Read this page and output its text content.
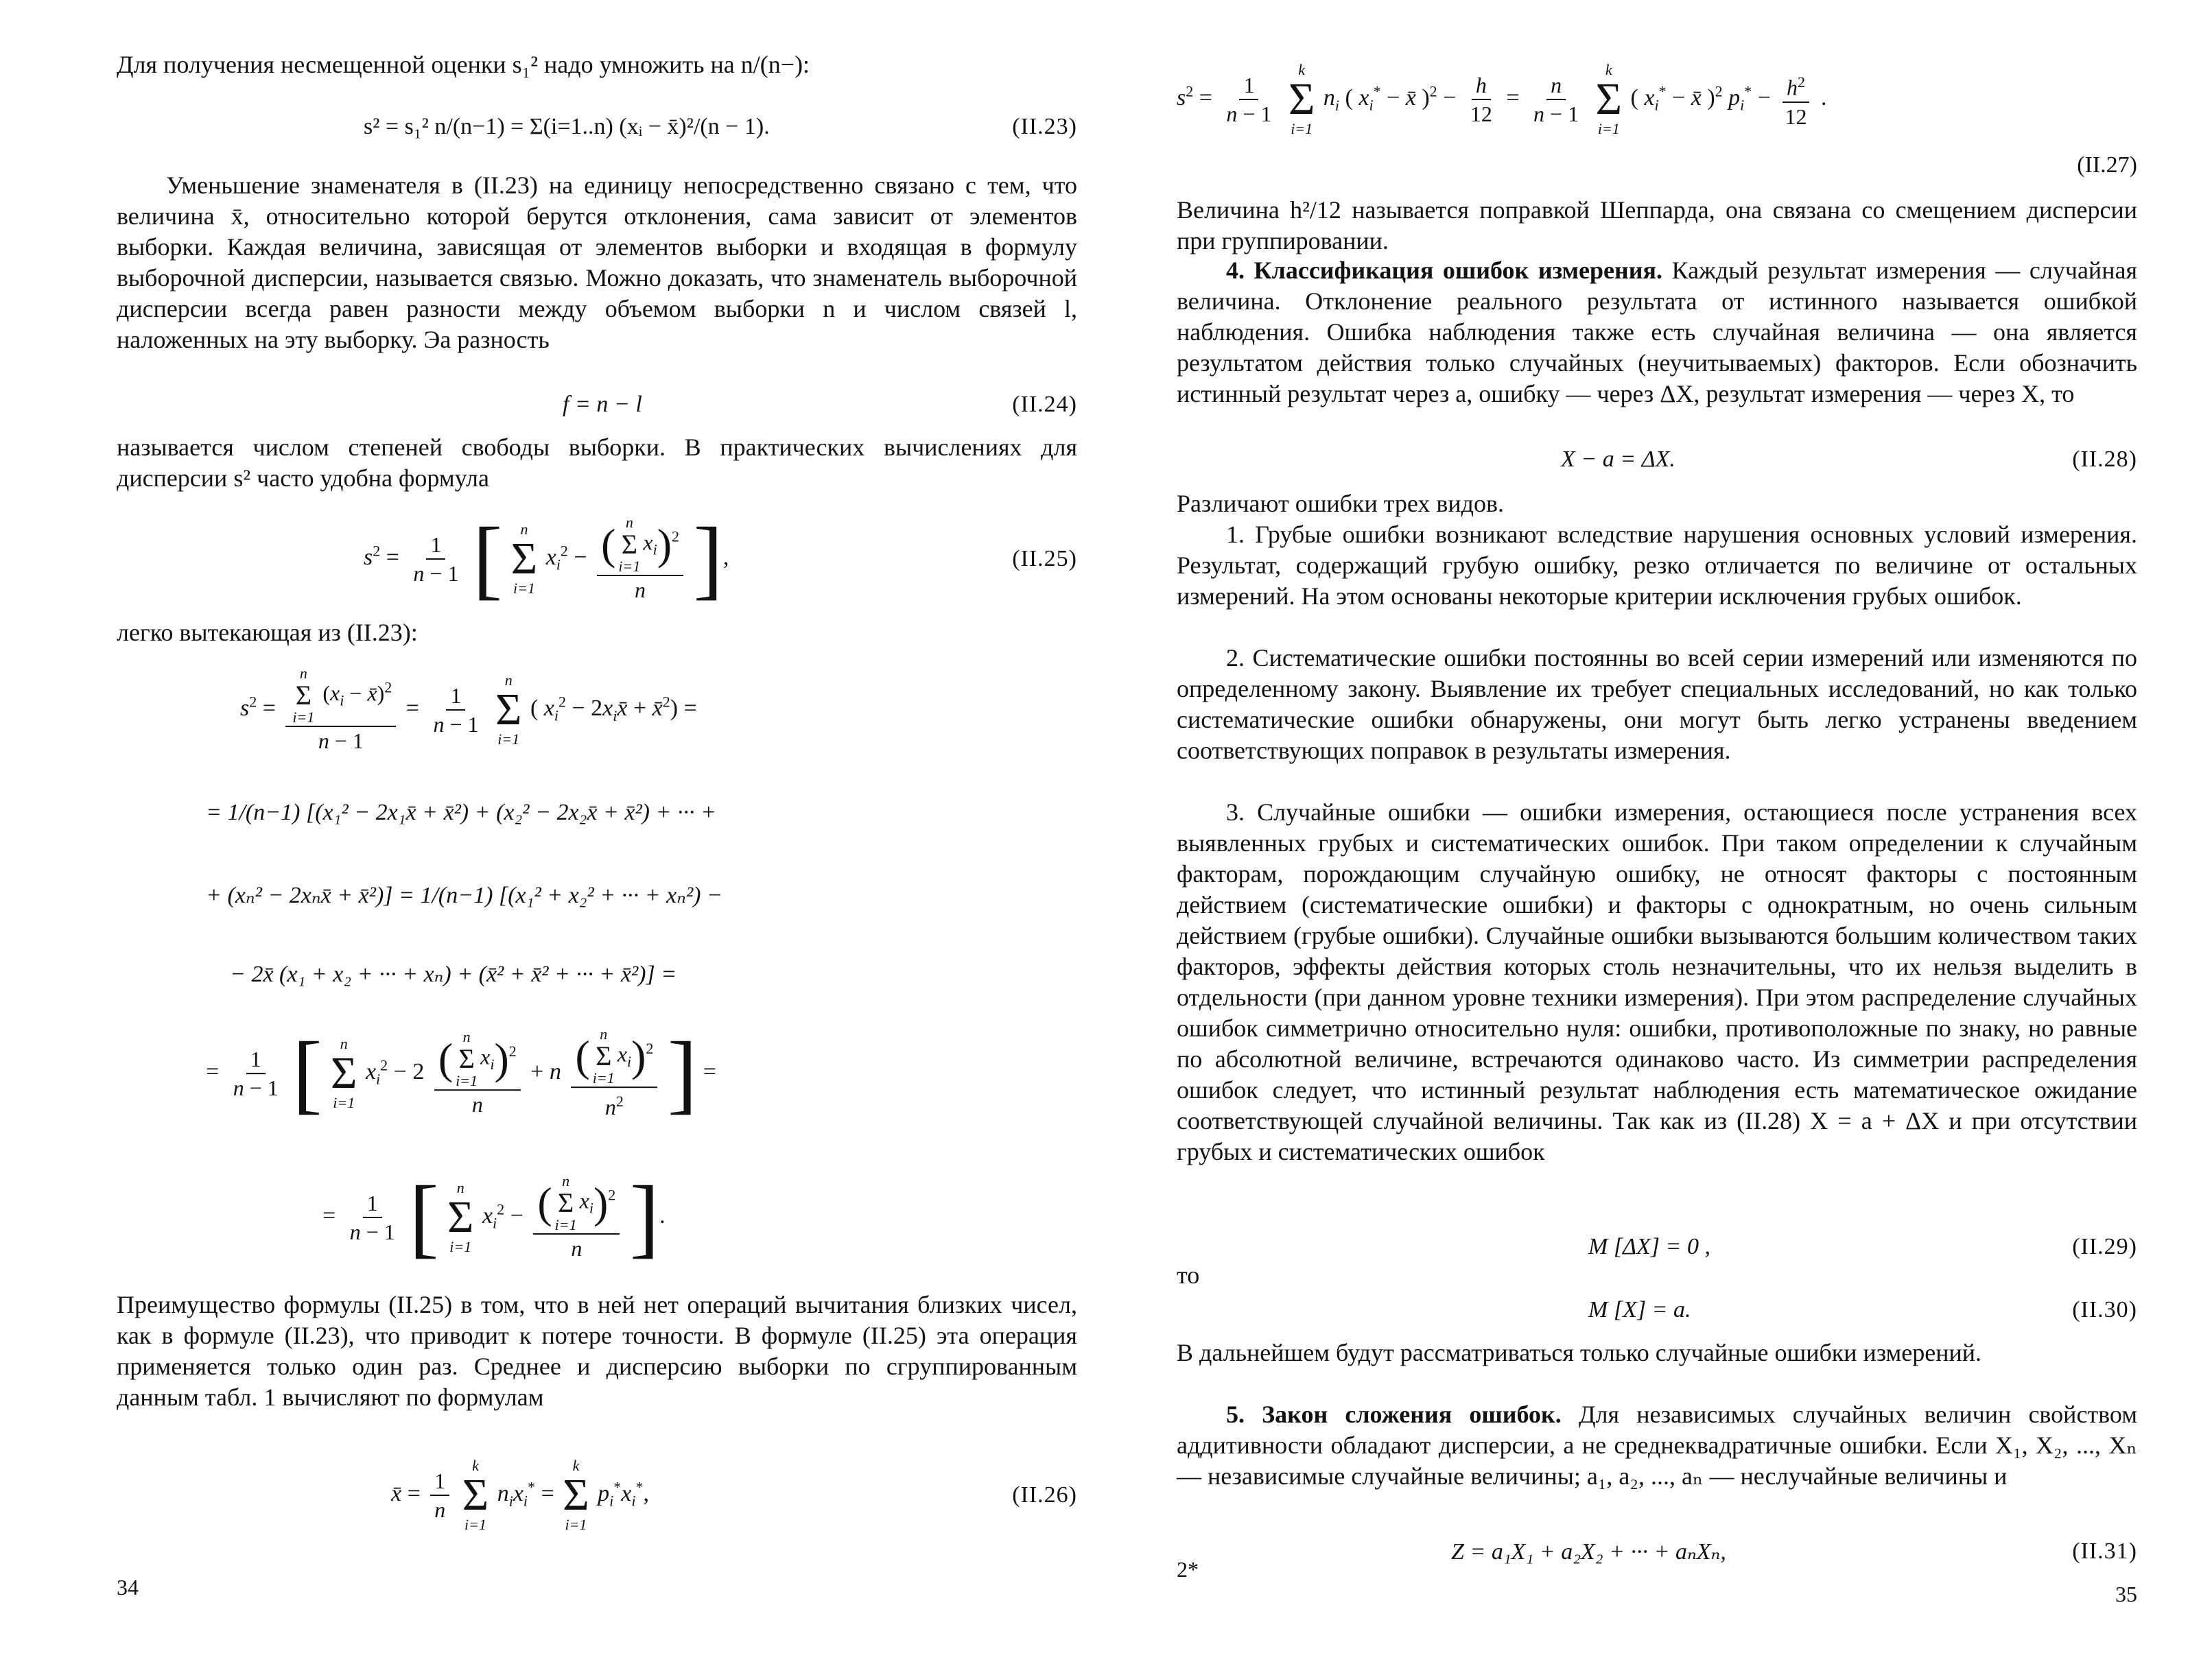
Для получения несмещенной оценки s₁² надо умножить на n/(n−):

s² = s₁² n/(n−1) = Σ(i=1..n) (xᵢ − x̄)²/(n − 1).	(II.23)

Уменьшение знаменателя в (II.23) на единицу непосредственно связано с тем, что величина x̄, относительно которой берутся отклонения, сама зависит от элементов выборки. Каждая величина, зависящая от элементов выборки и входящая в формулу выборочной дисперсии, называется связью. Можно доказать, что знаменатель выборочной дисперсии всегда равен разности между объемом выборки n и числом связей l, наложенных на эту выборку. Эа разность

f = n − l	(II.24)

называется числом степеней свободы выборки. В практических вычислениях для дисперсии s² часто удобна формула

$s^2 = \frac{1}{n - 1}$ [ n
Σ
i=1
$x_i^2$ − ( n
Σ
i=1
$x_i)^2$
n ],	(II.25)

легко вытекающая из (II.23):

$s^2 = n$
Σ
i=1
($x_i$ − x̄)$^2$
$n - 1 = \frac{1}{n - 1}$

n
Σ
i=1
( $x_i^2$ − $2x_ix̄$ + x̄$^2$) =
= 1/(n−1) [(x₁² − 2x₁x̄ + x̄²) + (x₂² − 2x₂x̄ + x̄²) + ··· +
+ (xₙ² − 2xₙx̄ + x̄²)] = 1/(n−1) [(x₁² + x₂² + ··· + xₙ²) −
− 2x̄ (x₁ + x₂ + ··· + xₙ) + (x̄² + x̄² + ··· + x̄²)] =
= $\frac{1}{n - 1}$ [ n
Σ
i=1
$x_i^2 - 2$ ( n
Σ
i=1
$x_i)^2$
n + n ( n
Σ
i=1
$x_i)^2$
$n^2$ ] =
= $\frac{1}{n - 1}$ [ n
Σ
i=1
$x_i^2$ − ( n
Σ
i=1
$x_i)^2$
n ].

Преимущество формулы (II.25) в том, что в ней нет операций вычитания близких чисел, как в формуле (II.23), что приводит к потере точности. В формуле (II.25) эта операция применяется только один раз. Среднее и дисперсию выборки по сгруппированным данным табл. 1 вычисляют по формулам

x̄ = $\frac{1}{n}$

k
Σ
i=1
$n_ix_i^*$ =
k
Σ
i=1
$p_i^*x_i^*$,	(II.26)
34
$s^2 = \frac{1}{n - 1}$

k
Σ
i=1
$n_i$ ( $x_i^*$ − x̄ )$^2 - \frac{h}{12} = \frac{n}{n - 1}$

k
Σ
i=1
( $x_i^*$ − x̄ )$^2$ $p_i^* - \frac{h^2}{12}$ .
(II.27)

Величина h²/12 называется поправкой Шеппарда, она связана со смещением дисперсии при группировании.

4. Классификация ошибок измерения. Каждый результат измерения — случайная величина. Отклонение реального результата от истинного называется ошибкой наблюдения. Ошибка наблюдения также есть случайная величина — она является результатом действия только случайных (неучитываемых) факторов. Если обозначить истинный результат через a, ошибку — через ΔX, результат измерения — через X, то

X − a = ΔX.	(II.28)

Различают ошибки трех видов.

1. Грубые ошибки возникают вследствие нарушения основных условий измерения. Результат, содержащий грубую ошибку, резко отличается по величине от остальных измерений. На этом основаны некоторые критерии исключения грубых ошибок.

2. Систематические ошибки постоянны во всей серии измерений или изменяются по определенному закону. Выявление их требует специальных исследований, но как только систематические ошибки обнаружены, они могут быть легко устранены введением соответствующих поправок в результаты измерения.

3. Случайные ошибки — ошибки измерения, остающиеся после устранения всех выявленных грубых и систематических ошибок. При таком определении к случайным факторам, порождающим случайную ошибку, не относят факторы с постоянным действием (систематические ошибки) и факторы с однократным, но очень сильным действием (грубые ошибки). Случайные ошибки вызываются большим количеством таких факторов, эффекты действия которых столь незначительны, что их нельзя выделить в отдельности (при данном уровне техники измерения). При этом распределение случайных ошибок симметрично относительно нуля: ошибки, противоположные по знаку, но равные по абсолютной величине, встречаются одинаково часто. Из симметрии распределения ошибок следует, что истинный результат наблюдения есть математическое ожидание соответствующей случайной величины. Так как из (II.28) X = a + ΔX и при отсутствии грубых и систематических ошибок

M [ΔX] = 0 ,	(II.29)
то
M [X] = a.	(II.30)

В дальнейшем будут рассматриваться только случайные ошибки измерений.

5. Закон сложения ошибок. Для независимых случайных величин свойством аддитивности обладают дисперсии, а не среднеквадратичные ошибки. Если X₁, X₂, ..., Xₙ — независимые случайные величины; a₁, a₂, ..., aₙ — неслучайные величины и

Z = a₁X₁ + a₂X₂ + ··· + aₙXₙ,	(II.31)
2*
35
